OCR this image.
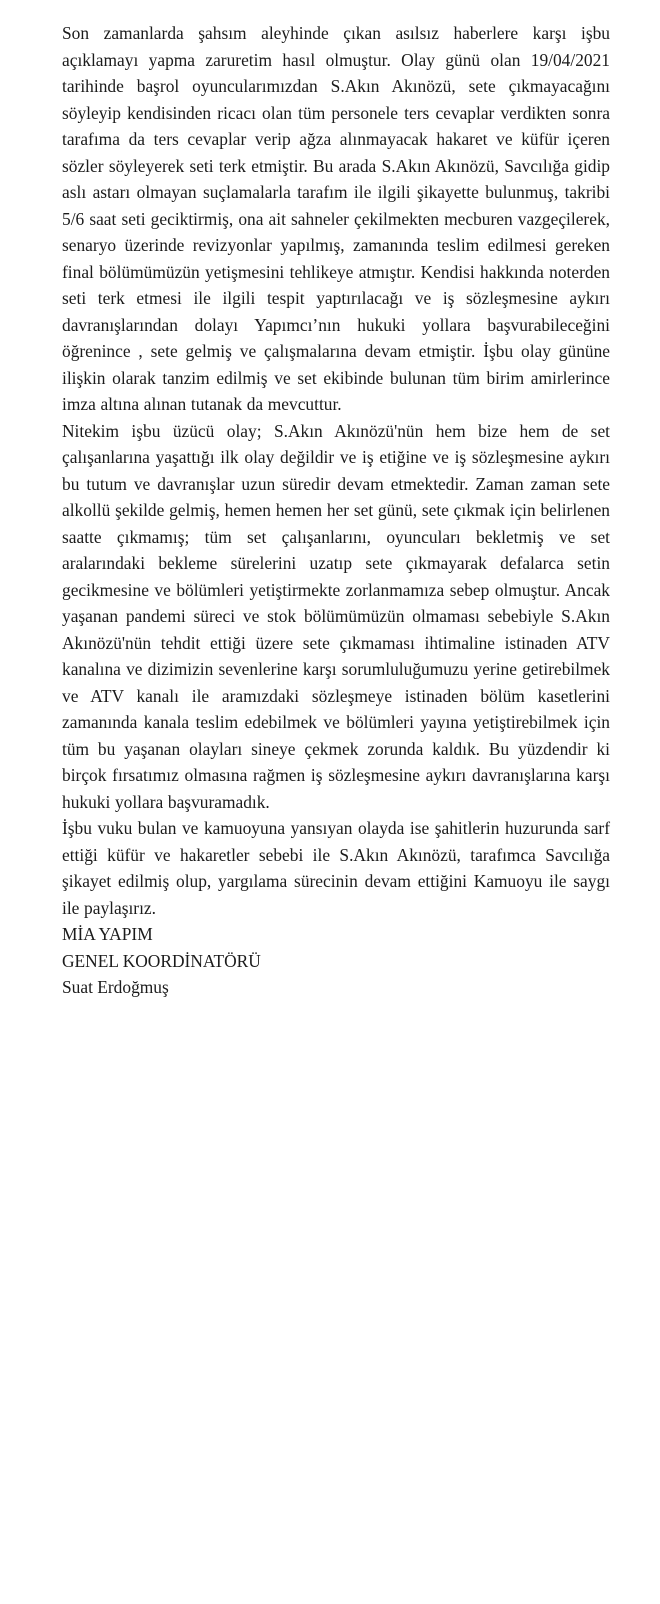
Son zamanlarda şahsım aleyhinde çıkan asılsız haberlere karşı işbu açıklamayı yapma zaruretim hasıl olmuştur. Olay günü olan 19/04/2021 tarihinde başrol oyuncularımızdan S.Akın Akınözü, sete çıkmayacağını söyleyip kendisinden ricacı olan tüm personele ters cevaplar verdikten sonra tarafıma da ters cevaplar verip ağza alınmayacak hakaret ve küfür içeren sözler söyleyerek seti terk etmiştir. Bu arada S.Akın Akınözü, Savcılığa gidip aslı astarı olmayan suçlamalarla tarafım ile ilgili şikayette bulunmuş, takribi 5/6 saat seti geciktirmiş, ona ait sahneler çekilmekten mecburen vazgeçilerek, senaryo üzerinde revizyonlar yapılmış, zamanında teslim edilmesi gereken final bölümümüzün yetişmesini tehlikeye atmıştır. Kendisi hakkında noterden seti terk etmesi ile ilgili tespit yaptırılacağı ve iş sözleşmesine aykırı davranışlarından dolayı Yapımcı’nın hukuki yollara başvurabileceğini öğrenince , sete gelmiş ve çalışmalarına devam etmiştir. İşbu olay gününe ilişkin olarak tanzim edilmiş ve set ekibinde bulunan tüm birim amirlerince imza altına alınan tutanak da mevcuttur.

Nitekim işbu üzücü olay; S.Akın Akınözü'nün hem bize hem de set çalışanlarına yaşattığı ilk olay değildir ve iş etiğine ve iş sözleşmesine aykırı bu tutum ve davranışlar uzun süredir devam etmektedir. Zaman zaman sete alkollü şekilde gelmiş, hemen hemen her set günü, sete çıkmak için belirlenen saatte çıkmamış; tüm set çalışanlarını, oyuncuları bekletmiş ve set aralarındaki bekleme sürelerini uzatıp sete çıkmayarak defalarca setin gecikmesine ve bölümleri yetiştirmekte zorlanmamıza sebep olmuştur. Ancak yaşanan pandemi süreci ve stok bölümümüzün olmaması sebebiyle S.Akın Akınözü'nün tehdit ettiği üzere sete çıkmaması ihtimaline istinaden ATV kanalına ve dizimizin sevenlerine karşı sorumluluğumuzu yerine getirebilmek ve ATV kanalı ile aramızdaki sözleşmeye istinaden bölüm kasetlerini zamanında kanala teslim edebilmek ve bölümleri yayına yetiştirebilmek için tüm bu yaşanan olayları sineye çekmek zorunda kaldık. Bu yüzdendir ki birçok fırsatımız olmasına rağmen iş sözleşmesine aykırı davranışlarına karşı hukuki yollara başvuramadık.

İşbu vuku bulan ve kamuoyuna yansıyan olayda ise şahitlerin huzurunda sarf ettiği küfür ve hakaretler sebebi ile S.Akın Akınözü, tarafımca Savcılığa şikayet edilmiş olup, yargılama sürecinin devam ettiğini Kamuoyu ile saygı ile paylaşırız.

MİA YAPIM

GENEL KOORDİNATÖRÜ

Suat Erdoğmuş
